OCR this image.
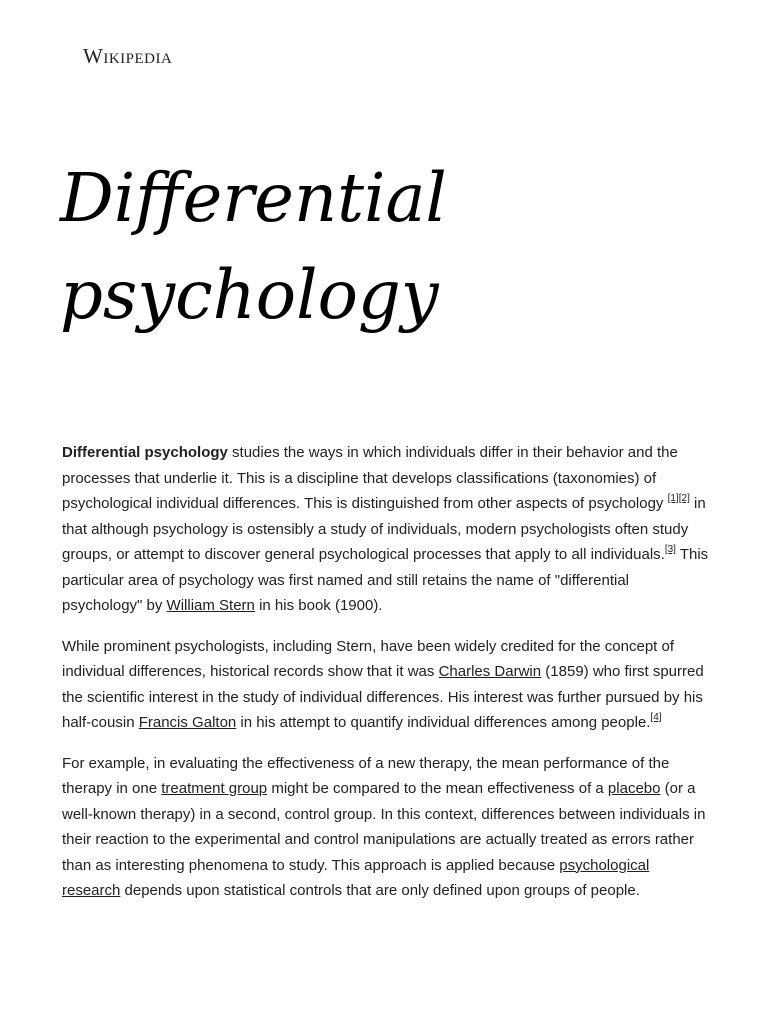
Wikipedia
Differential
psychology

Differential psychology studies the ways in which individuals differ in their behavior and the processes that underlie it. This is a discipline that develops classifications (taxonomies) of psychological individual differences. This is distinguished from other aspects of psychology [1][2] in that although psychology is ostensibly a study of individuals, modern psychologists often study groups, or attempt to discover general psychological processes that apply to all individuals.[3] This particular area of psychology was first named and still retains the name of "differential psychology" by William Stern in his book (1900).

While prominent psychologists, including Stern, have been widely credited for the concept of individual differences, historical records show that it was Charles Darwin (1859) who first spurred the scientific interest in the study of individual differences. His interest was further pursued by his half-cousin Francis Galton in his attempt to quantify individual differences among people.[4]

For example, in evaluating the effectiveness of a new therapy, the mean performance of the therapy in one treatment group might be compared to the mean effectiveness of a placebo (or a well-known therapy) in a second, control group. In this context, differences between individuals in their reaction to the experimental and control manipulations are actually treated as errors rather than as interesting phenomena to study. This approach is applied because psychological research depends upon statistical controls that are only defined upon groups of people.
